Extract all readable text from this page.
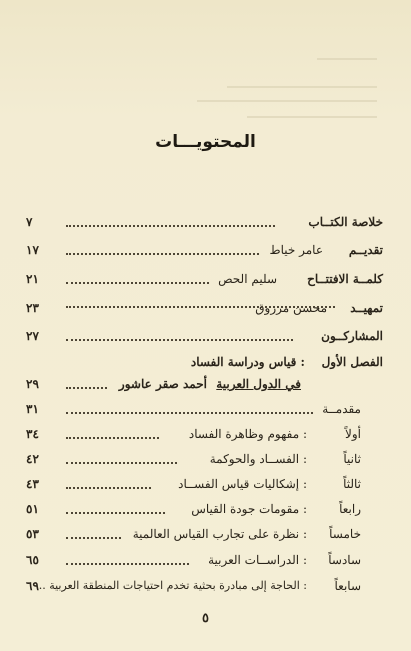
المحتويـــات
خلاصة الكتــاب
٧
تقديــم
عامر خياط
١٧
كلمــة الافتتــاح
سليم الحص
٢١
تمهيــد
محسن مرزوق
٢٣
المشاركــون
٢٧
الفصل الأول
: قياس ودراسة الفساد
في الدول العربية
أحمد صقر عاشور
٢٩
مقدمــة
٣١
أولاً
: مفهوم وظاهرة الفساد
٣٤
ثانياً
: الفســاد والحوكمة
٤٢
ثالثاً
: إشكاليات قياس الفســاد
٤٣
رابعاً
: مقومات جودة القياس
٥١
خامساً
: نظرة على تجارب القياس العالمية
٥٣
سادساً
: الدراســات العربية
٦٥
سابعاً
: الحاجة إلى مبادرة بحثية تخدم احتياجات المنطقة العربية ..
٦٩
٥
